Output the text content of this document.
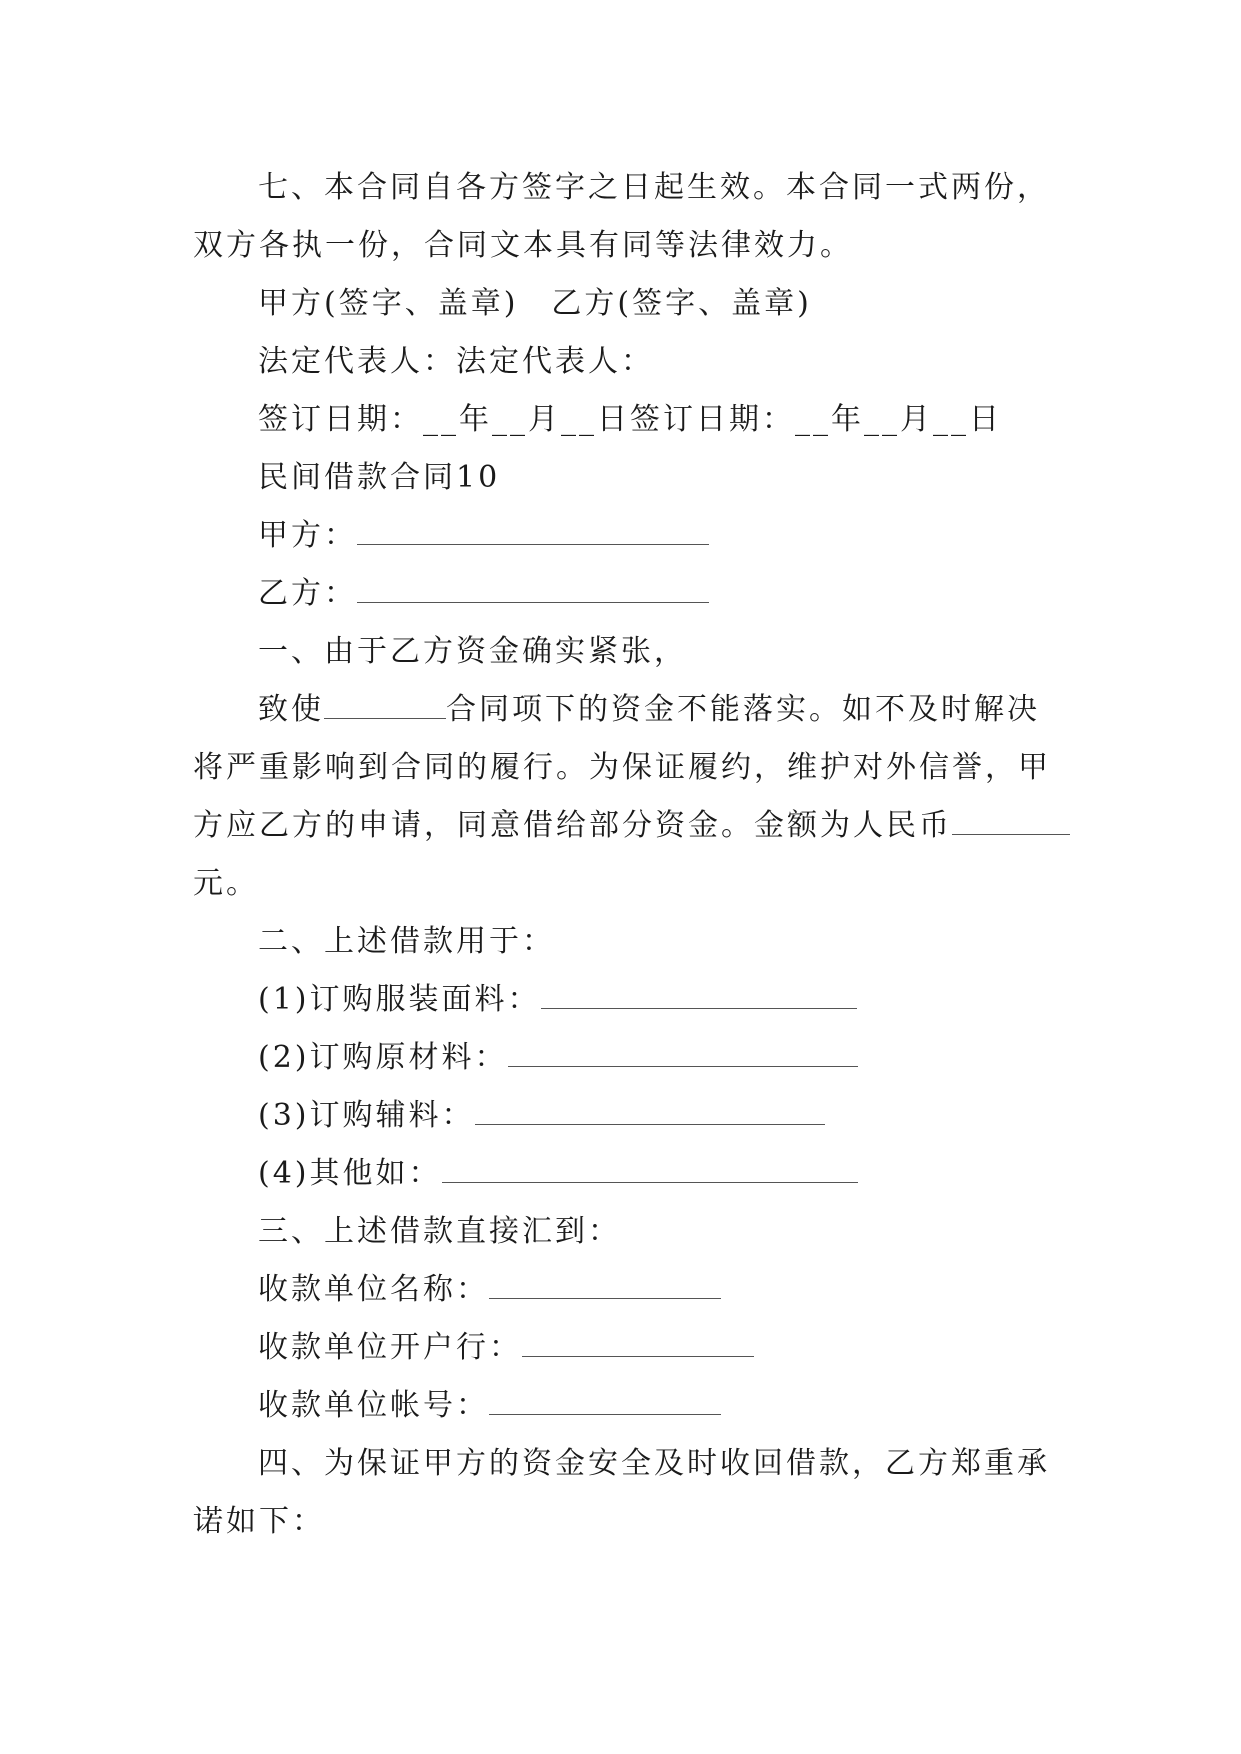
七、本合同自各方签字之日起生效。本合同一式两份，
双方各执一份，合同文本具有同等法律效力。
甲方(签字、盖章)　乙方(签字、盖章)
法定代表人：法定代表人：
签订日期：__年__月__日签订日期：__年__月__日
民间借款合同10
甲方：
乙方：
一、由于乙方资金确实紧张，
致使	合同项下的资金不能落实。如不及时解决
将严重影响到合同的履行。为保证履约，维护对外信誉，甲
方应乙方的申请，同意借给部分资金。金额为人民币
元。
二、上述借款用于：
(1)订购服装面料：
(2)订购原材料：
(3)订购辅料：
(4)其他如：
三、上述借款直接汇到：
收款单位名称：
收款单位开户行：
收款单位帐号：
四、为保证甲方的资金安全及时收回借款，乙方郑重承
诺如下：
